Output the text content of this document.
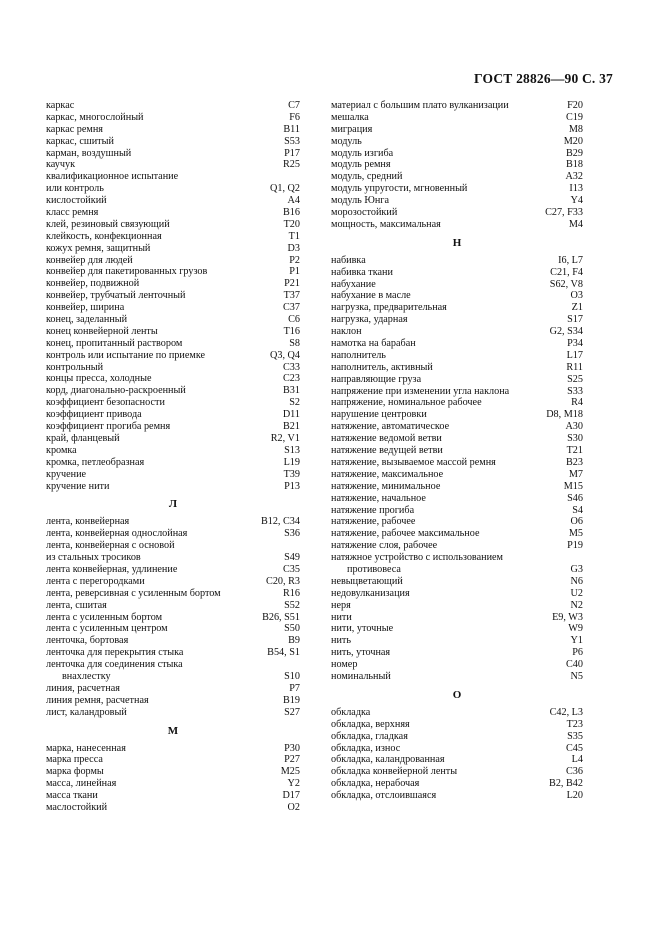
ГОСТ 28826—90 С. 37
каркас	C7
каркас, многослойный	F6
каркас ремня	B11
каркас, сшитый	S53
карман, воздушный	P17
каучук	R25
квалификационное испытание
или контроль	Q1, Q2
кислостойкий	A4
класс ремня	B16
клей, резиновый связующий	T20
клейкость, конфекционная	T1
кожух ремня, защитный	D3
конвейер для людей	P2
конвейер для пакетированных грузов	P1
конвейер, подвижной	P21
конвейер, трубчатый ленточный	T37
конвейер, ширина	C37
конец, заделанный	C6
конец конвейерной ленты	T16
конец, пропитанный раствором	S8
контроль или испытание по приемке	Q3, Q4
контрольный	C33
концы пресса, холодные	C23
корд, диагонально-раскроенный	B31
коэффициент безопасности	S2
коэффициент привода	D11
коэффициент прогиба ремня	B21
край, фланцевый	R2, V1
кромка	S13
кромка, петлеобразная	L19
кручение	T39
кручение нити	P13
Л
лента, конвейерная	B12, C34
лента, конвейерная однослойная	S36
лента, конвейерная с основой
из стальных тросиков	S49
лента конвейерная, удлинение	C35
лента с перегородками	C20, R3
лента, реверсивная с усиленным бортом	R16
лента, сшитая	S52
лента с усиленным бортом	B26, S51
лента с усиленным центром	S50
ленточка, бортовая	B9
ленточка для перекрытия стыка	B54, S1
ленточка для соединения стыка
внахлестку	S10
линия, расчетная	P7
линия ремня, расчетная	B19
лист, каландровый	S27
М
марка, нанесенная	P30
марка пресса	P27
марка формы	M25
масса, линейная	Y2
масса ткани	D17
маслостойкий	O2
материал с большим плато вулканизации	F20
мешалка	C19
миграция	M8
модуль	M20
модуль изгиба	B29
модуль ремня	B18
модуль, средний	A32
модуль упругости, мгновенный	I13
модуль Юнга	Y4
морозостойкий	C27, F33
мощность, максимальная	M4
Н
набивка	I6, L7
набивка ткани	C21, F4
набухание	S62, V8
набухание в масле	O3
нагрузка, предварительная	Z1
нагрузка, ударная	S17
наклон	G2, S34
намотка на барабан	P34
наполнитель	L17
наполнитель, активный	R11
направляющие груза	S25
напряжение при изменении угла наклона	S33
напряжение, номинальное рабочее	R4
нарушение центровки	D8, M18
натяжение, автоматическое	A30
натяжение ведомой ветви	S30
натяжение ведущей ветви	T21
натяжение, вызываемое массой ремня	B23
натяжение, максимальное	M7
натяжение, минимальное	M15
натяжение, начальное	S46
натяжение прогиба	S4
натяжение, рабочее	O6
натяжение, рабочее максимальное	M5
натяжение слоя, рабочее	P19
натяжное устройство с использованием
противовеса	G3
невыцветающий	N6
недовулканизация	U2
неря	N2
нити	E9, W3
нити, уточные	W9
нить	Y1
нить, уточная	P6
номер	C40
номинальный	N5
О
обкладка	C42, L3
обкладка, верхняя	T23
обкладка, гладкая	S35
обкладка, износ	C45
обкладка, каландрованная	L4
обкладка конвейерной ленты	C36
обкладка, нерабочая	B2, B42
обкладка, отслоившаяся	L20
